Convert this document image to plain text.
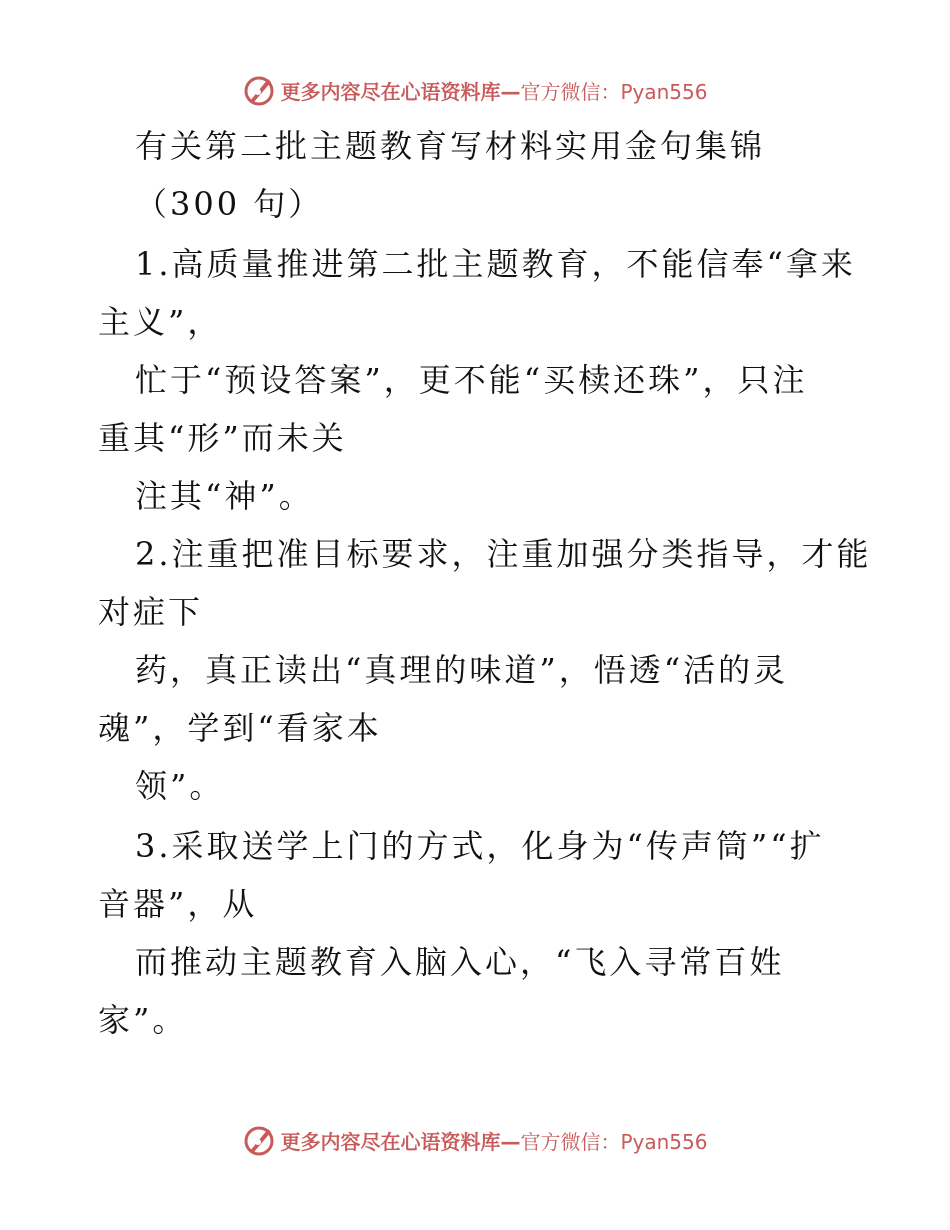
更多内容尽在心语资料库— 官方微信：Pyan556
有关第二批主题教育写材料实用金句集锦
（300 句）
1.高质量推进第二批主题教育，不能信奉“拿来
主义”，
忙于“预设答案”，更不能“买椟还珠”，只注
重其“形”而未关
注其“神”。
2.注重把准目标要求，注重加强分类指导，才能
对症下
药，真正读出“真理的味道”，悟透“活的灵
魂”，学到“看家本
领”。
3.采取送学上门的方式，化身为“传声筒”“扩
音器”，从
而推动主题教育入脑入心，“飞入寻常百姓
家”。
更多内容尽在心语资料库— 官方微信：Pyan556
